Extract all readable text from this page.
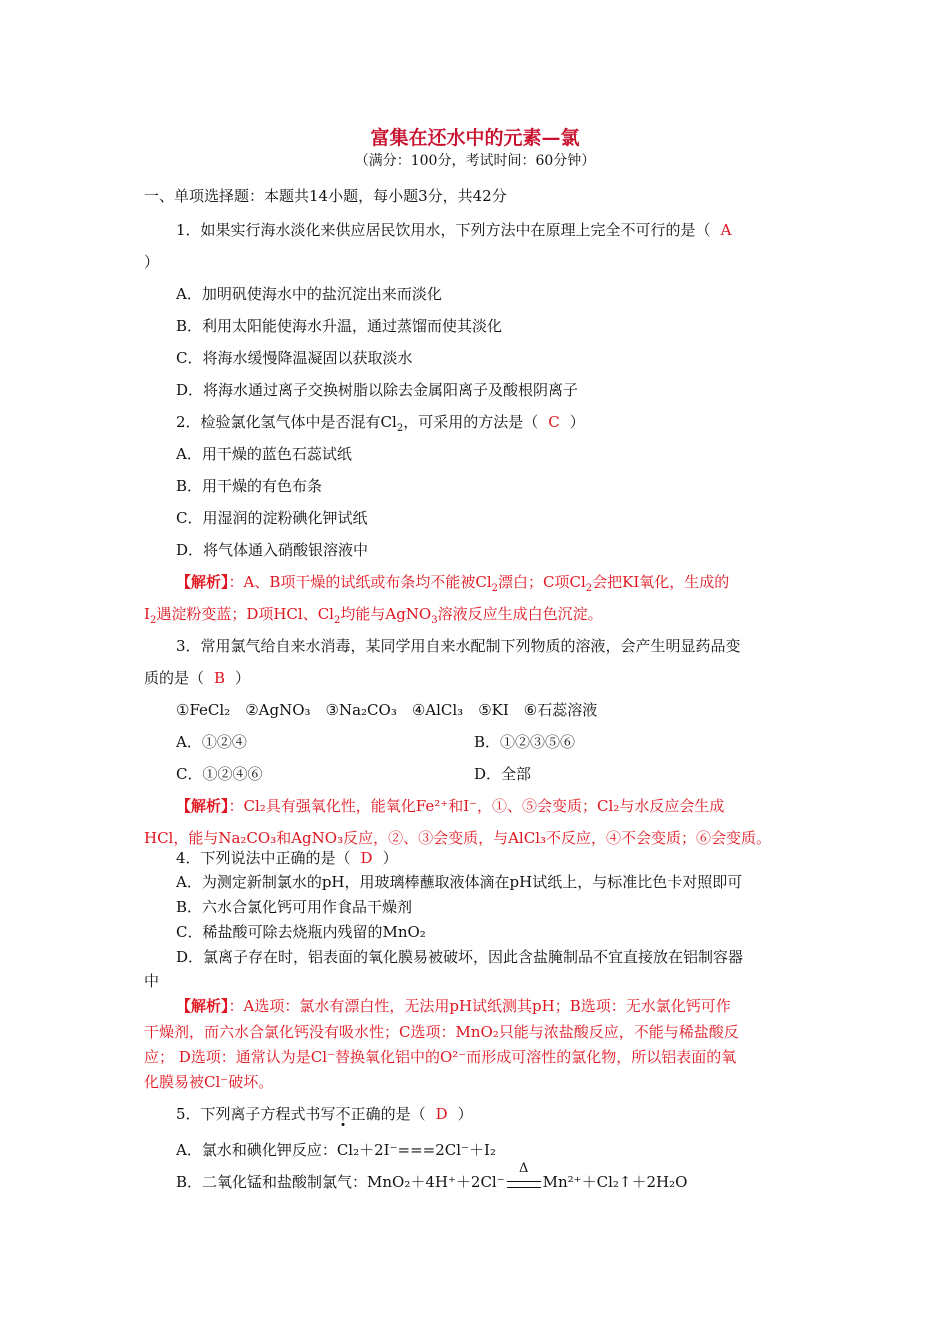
富集在还水中的元素—氯
（满分：100分，考试时间：60分钟）
一、单项选择题：本题共14小题，每小题3分，共42分
1．如果实行海水淡化来供应居民饮用水，下列方法中在原理上完全不可行的是（ A
）
A．加明矾使海水中的盐沉淀出来而淡化
B．利用太阳能使海水升温，通过蒸馏而使其淡化
C．将海水缓慢降温凝固以获取淡水
D．将海水通过离子交换树脂以除去金属阳离子及酸根阴离子
2．检验氯化氢气体中是否混有$Cl_2$，可采用的方法是（ C ）
A．用干燥的蓝色石蕊试纸
B．用干燥的有色布条
C．用湿润的淀粉碘化钾试纸
D．将气体通入硝酸银溶液中
【解析】：A、B项干燥的试纸或布条均不能被$Cl_2$漂白；C项$Cl_2$会把KI氧化，生成的
$I_2$遇淀粉变蓝；D项HCl、$Cl_2$均能与AgNO$_3$溶液反应生成白色沉淀。
3．常用氯气给自来水消毒，某同学用自来水配制下列物质的溶液，会产生明显药品变
质的是（ B ）
①FeCl₂　②AgNO₃　③Na₂CO₃　④AlCl₃　⑤KI　⑥石蕊溶液
A．①②④	B．①②③⑤⑥
C．①②④⑥	D．全部
【解析】：Cl₂具有强氧化性，能氧化Fe²⁺和I⁻，①、⑤会变质；Cl₂与水反应会生成
HCl，能与Na₂CO₃和AgNO₃反应，②、③会变质，与AlCl₃不反应，④不会变质；⑥会变质。
4．下列说法中正确的是（ D ）
A．为测定新制氯水的pH，用玻璃棒蘸取液体滴在pH试纸上，与标准比色卡对照即可
B．六水合氯化钙可用作食品干燥剂
C．稀盐酸可除去烧瓶内残留的MnO₂
D．氯离子存在时，铝表面的氧化膜易被破坏，因此含盐腌制品不宜直接放在铝制容器
中
【解析】：A选项：氯水有漂白性，无法用pH试纸测其pH；B选项：无水氯化钙可作
干燥剂，而六水合氯化钙没有吸水性；C选项：MnO₂只能与浓盐酸反应，不能与稀盐酸反
应； D选项：通常认为是Cl⁻替换氧化铝中的O²⁻而形成可溶性的氯化物，所以铝表面的氧
化膜易被Cl⁻破坏。
5．下列离子方程式书写不正确的是（ D ）
A．氯水和碘化钾反应：Cl₂＋2I⁻===2Cl⁻＋I₂
B．二氧化锰和盐酸制氯气：MnO₂＋4H⁺＋2Cl⁻
Δ
Mn²⁺＋Cl₂↑＋2H₂O
